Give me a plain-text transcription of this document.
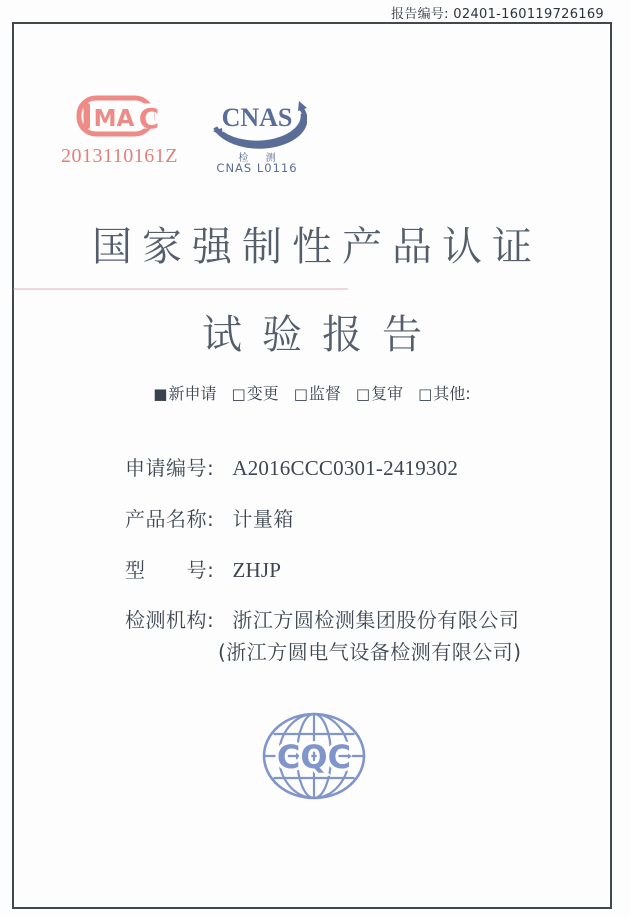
报告编号: 02401-160119726169
MA C
2013110161Z
CNAS
检 测
CNAS L0116
国家强制性产品认证
试验报告
■ 新申请 □ 变更 □ 监督 □ 复审 □ 其他:
申请编号: A2016CCC0301-2419302
产品名称: 计量箱
型      号: ZHJP
检测机构: 浙江方圆检测集团股份有限公司
(浙江方圆电气设备检测有限公司)
CQC
